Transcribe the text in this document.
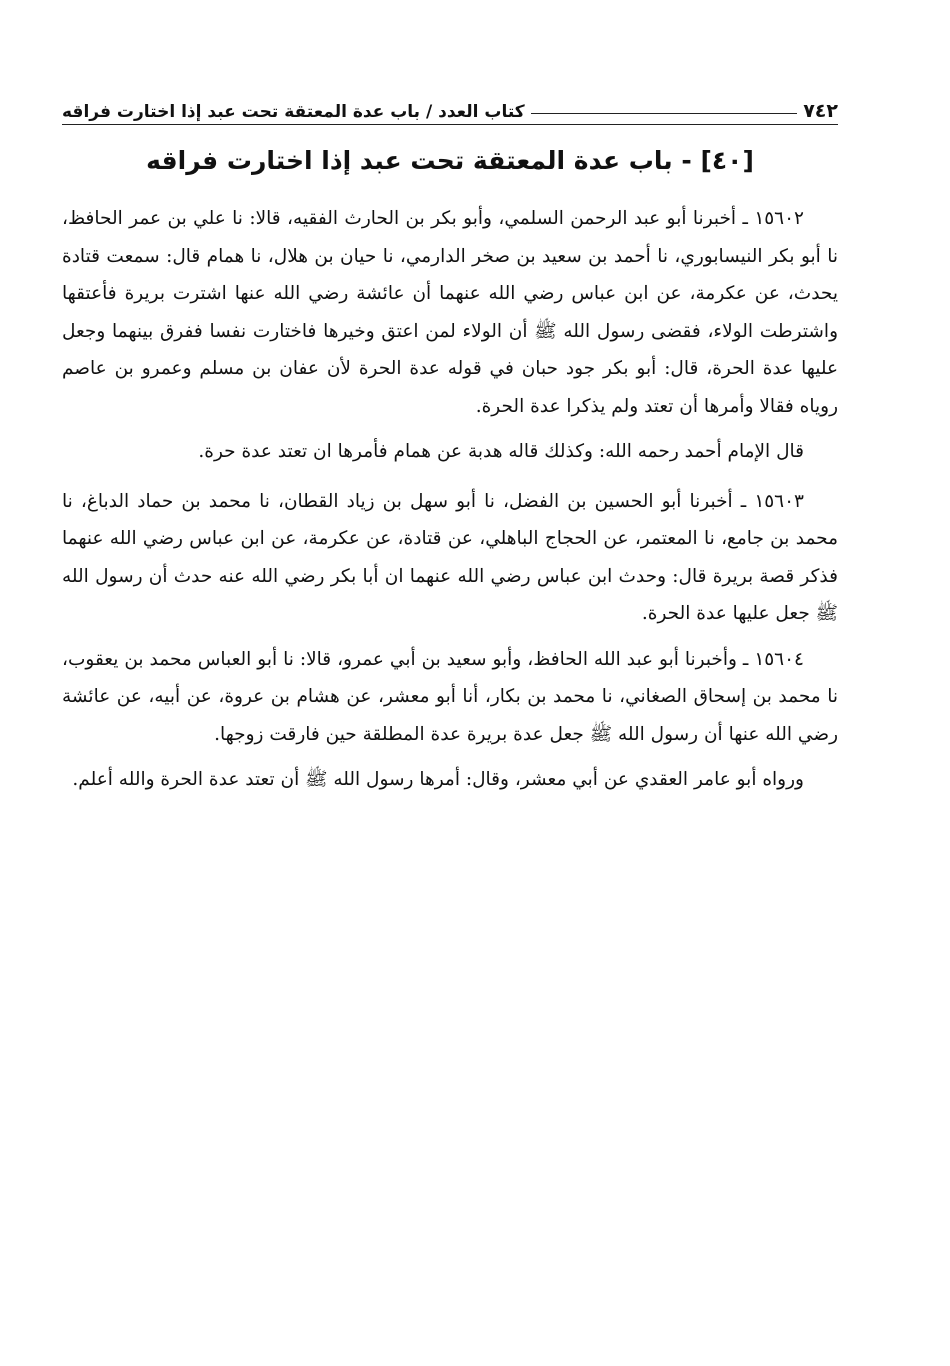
٧٤٢
كتاب العدد / باب عدة المعتقة تحت عبد إذا اختارت فراقه
[٤٠] - باب عدة المعتقة تحت عبد إذا اختارت فراقه

١٥٦٠٢ ـ أخبرنا أبو عبد الرحمن السلمي، وأبو بكر بن الحارث الفقيه، قالا: نا علي بن عمر الحافظ، نا أبو بكر النيسابوري، نا أحمد بن سعيد بن صخر الدارمي، نا حيان بن هلال، نا همام قال: سمعت قتادة يحدث، عن عكرمة، عن ابن عباس رضي الله عنهما أن عائشة رضي الله عنها اشترت بريرة فأعتقها واشترطت الولاء، فقضى رسول الله ﷺ أن الولاء لمن اعتق وخيرها فاختارت نفسا ففرق بينهما وجعل عليها عدة الحرة، قال: أبو بكر جود حبان في قوله عدة الحرة لأن عفان بن مسلم وعمرو بن عاصم روياه فقالا وأمرها أن تعتد ولم يذكرا عدة الحرة.

قال الإمام أحمد رحمه الله: وكذلك قاله هدبة عن همام فأمرها ان تعتد عدة حرة.

١٥٦٠٣ ـ أخبرنا أبو الحسين بن الفضل، نا أبو سهل بن زياد القطان، نا محمد بن حماد الدباغ، نا محمد بن جامع، نا المعتمر، عن الحجاج الباهلي، عن قتادة، عن عكرمة، عن ابن عباس رضي الله عنهما فذكر قصة بريرة قال: وحدث ابن عباس رضي الله عنهما ان أبا بكر رضي الله عنه حدث أن رسول الله ﷺ جعل عليها عدة الحرة.

١٥٦٠٤ ـ وأخبرنا أبو عبد الله الحافظ، وأبو سعيد بن أبي عمرو، قالا: نا أبو العباس محمد بن يعقوب، نا محمد بن إسحاق الصغاني، نا محمد بن بكار، أنا أبو معشر، عن هشام بن عروة، عن أبيه، عن عائشة رضي الله عنها أن رسول الله ﷺ جعل عدة بريرة عدة المطلقة حين فارقت زوجها.

ورواه أبو عامر العقدي عن أبي معشر، وقال: أمرها رسول الله ﷺ أن تعتد عدة الحرة والله أعلم.
